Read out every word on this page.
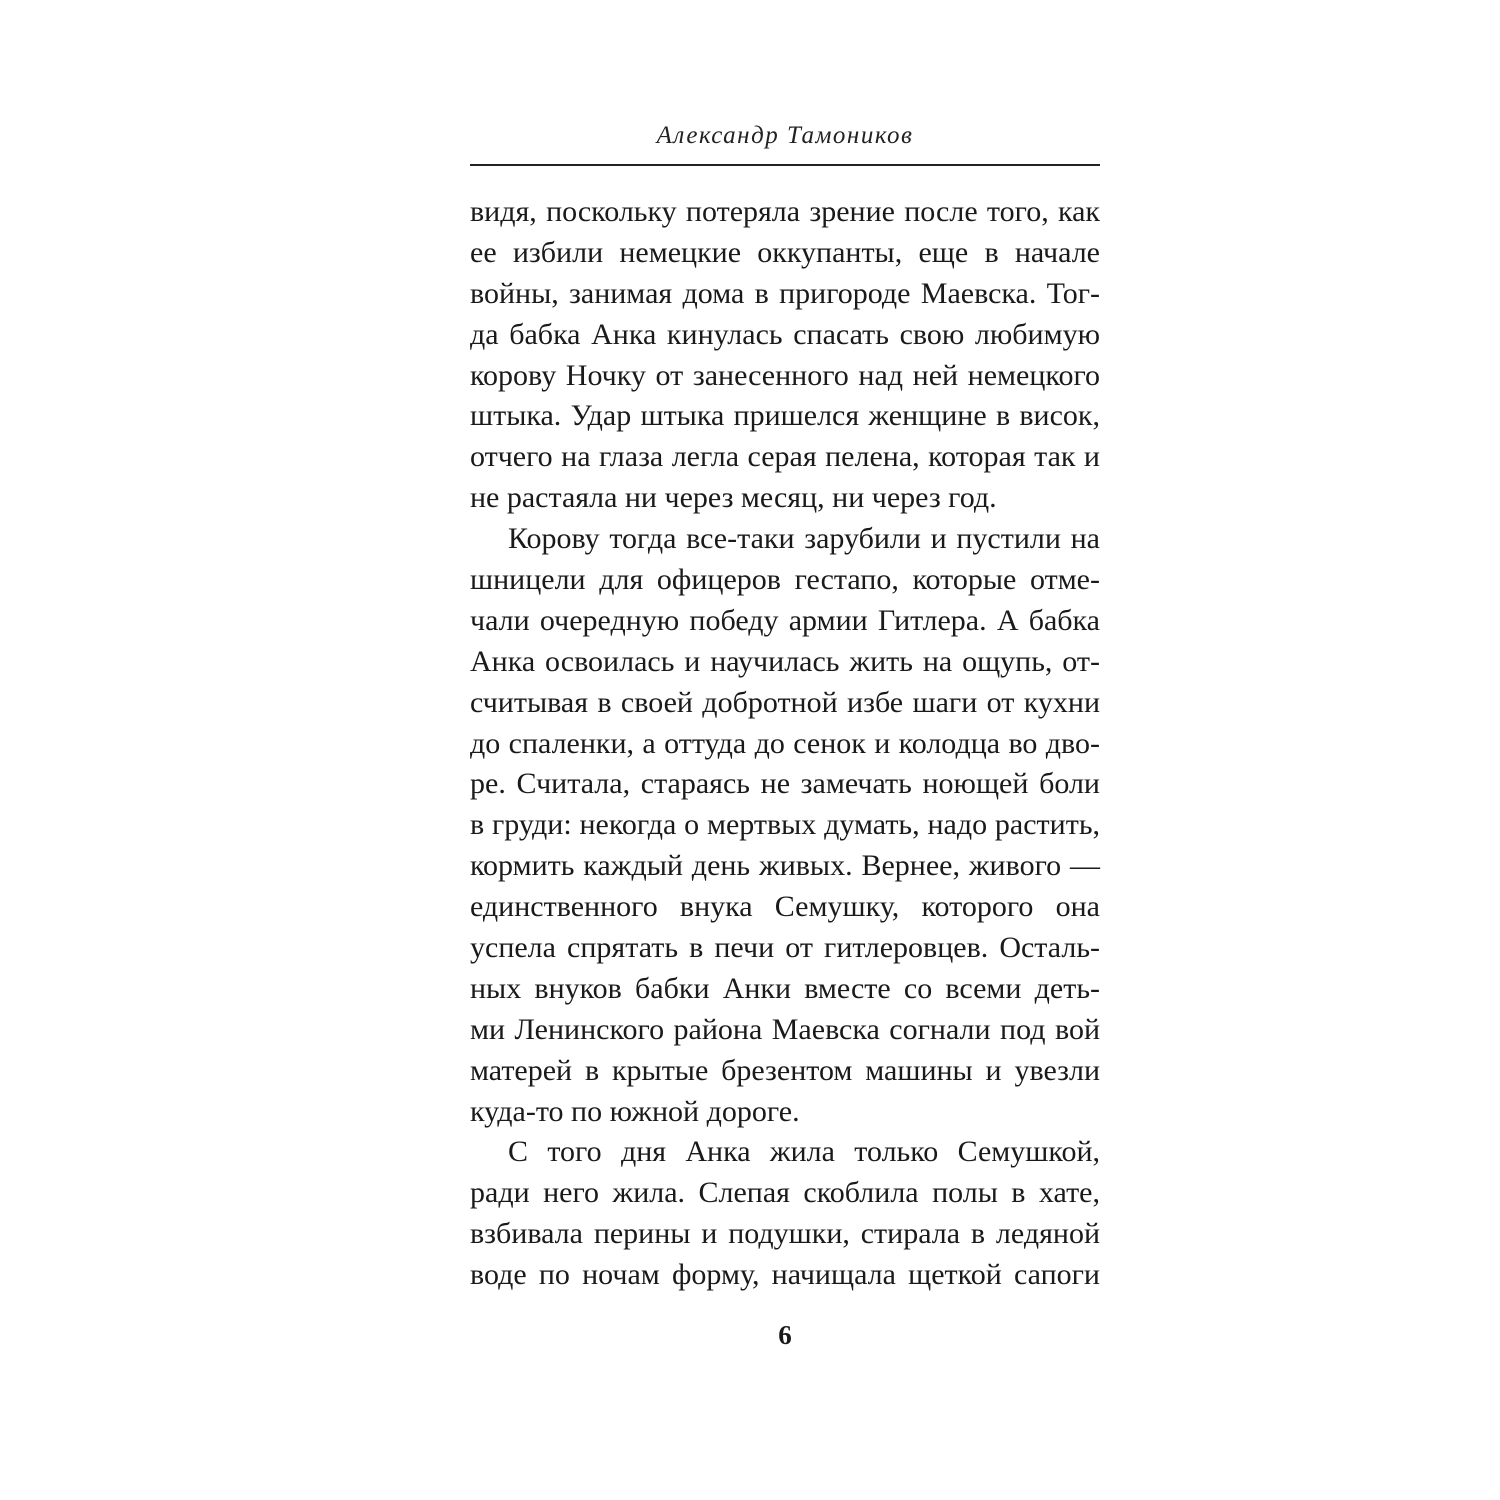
Александр Тамоников
видя, поскольку потеряла зрение после того, как
ее избили немецкие оккупанты, еще в начале
войны, занимая дома в пригороде Маевска. Тог-
да бабка Анка кинулась спасать свою любимую
корову Ночку от занесенного над ней немецкого
штыка. Удар штыка пришелся женщине в висок,
отчего на глаза легла серая пелена, которая так и
не растаяла ни через месяц, ни через год.
Корову тогда все-таки зарубили и пустили на
шницели для офицеров гестапо, которые отме-
чали очередную победу армии Гитлера. А бабка
Анка освоилась и научилась жить на ощупь, от-
считывая в своей добротной избе шаги от кухни
до спаленки, а оттуда до сенок и колодца во дво-
ре. Считала, стараясь не замечать ноющей боли
в груди: некогда о мертвых думать, надо растить,
кормить каждый день живых. Вернее, живого —
единственного внука Семушку, которого она
успела спрятать в печи от гитлеровцев. Осталь-
ных внуков бабки Анки вместе со всеми деть-
ми Ленинского района Маевска согнали под вой
матерей в крытые брезентом машины и увезли
куда-то по южной дороге.
С того дня Анка жила только Семушкой,
ради него жила. Слепая скоблила полы в хате,
взбивала перины и подушки, стирала в ледяной
воде по ночам форму, начищала щеткой сапоги
6
